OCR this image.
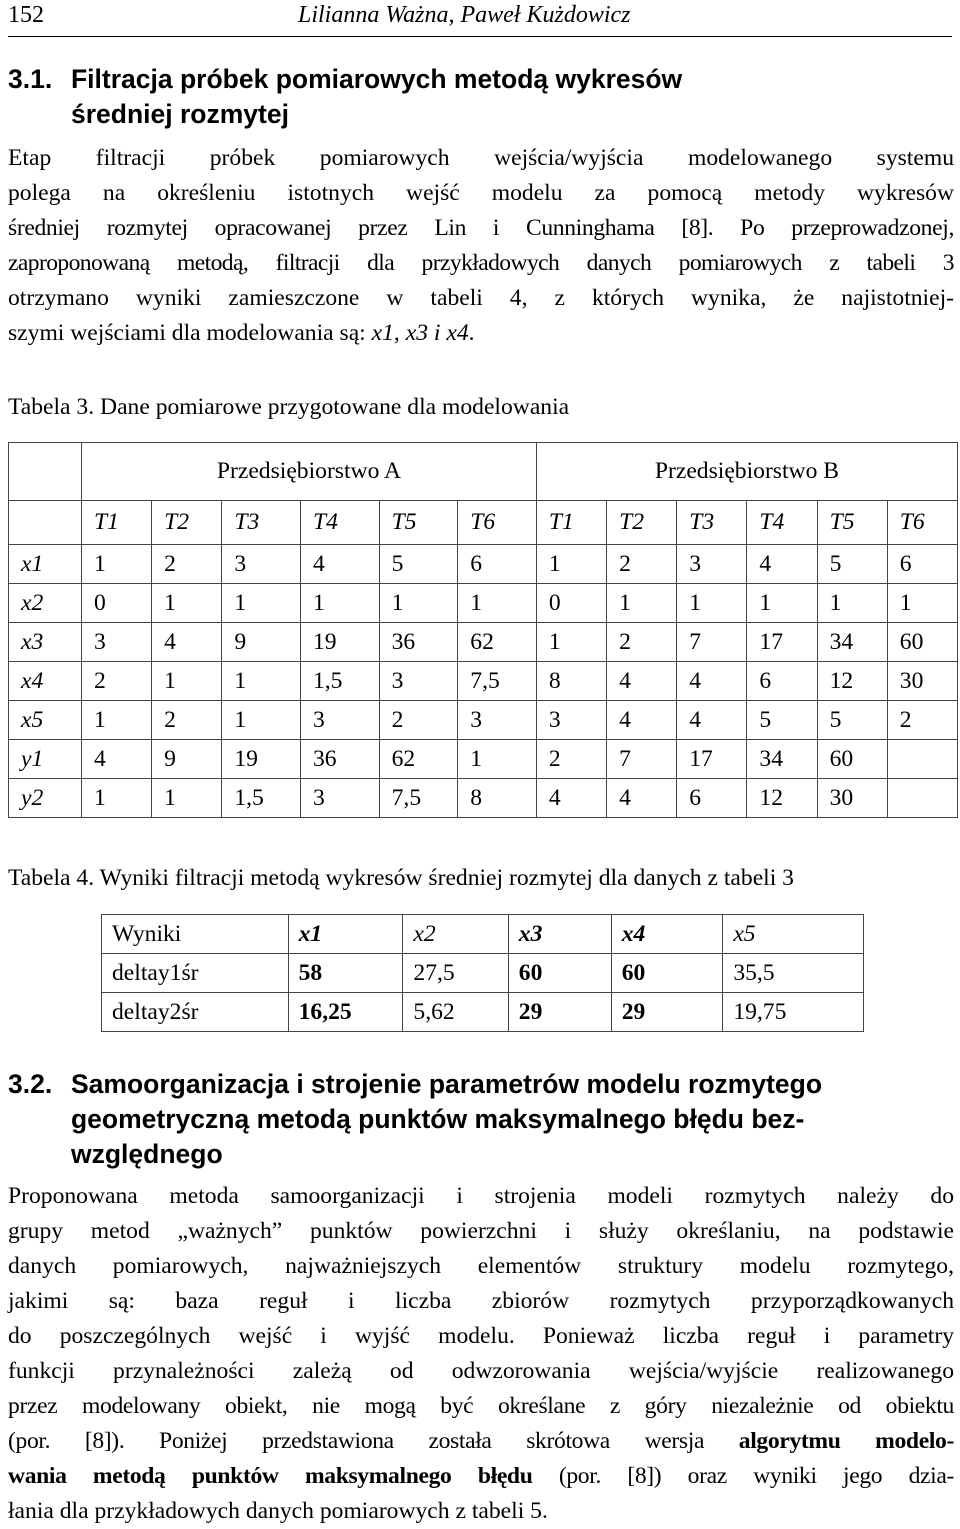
152	Lilianna Ważna, Paweł Kużdowicz
3.1. Filtracja próbek pomiarowych metodą wykresów
średniej rozmytej
Etap filtracji próbek pomiarowych wejścia/wyjścia modelowanego systemu
polega na określeniu istotnych wejść modelu za pomocą metody wykresów
średniej rozmytej opracowanej przez Lin i Cunninghama [8]. Po przeprowadzonej,
zaproponowaną metodą, filtracji dla przykładowych danych pomiarowych z tabeli 3
otrzymano wyniki zamieszczone w tabeli 4, z których wynika, że najistotniej-
szymi wejściami dla modelowania są: x1, x3 i x4.
Tabela 3. Dane pomiarowe przygotowane dla modelowania
	Przedsiębiorstwo A						Przedsiębiorstwo B					
	T1	T2	T3	T4	T5	T6	T1	T2	T3	T4	T5	T6
x1	1	2	3	4	5	6	1	2	3	4	5	6
x2	0	1	1	1	1	1	0	1	1	1	1	1
x3	3	4	9	19	36	62	1	2	7	17	34	60
x4	2	1	1	1,5	3	7,5	8	4	4	6	12	30
x5	1	2	1	3	2	3	3	4	4	5	5	2
y1	4	9	19	36	62	1	2	7	17	34	60	
y2	1	1	1,5	3	7,5	8	4	4	6	12	30	
Tabela 4. Wyniki filtracji metodą wykresów średniej rozmytej dla danych z tabeli 3
Wyniki	x1	x2	x3	x4	x5
deltay1śr	58	27,5	60	60	35,5
deltay2śr	16,25	5,62	29	29	19,75
3.2. Samoorganizacja i strojenie parametrów modelu rozmytego
geometryczną metodą punktów maksymalnego błędu bez-
względnego
Proponowana metoda samoorganizacji i strojenia modeli rozmytych należy do
grupy metod „ważnych” punktów powierzchni i służy określaniu, na podstawie
danych pomiarowych, najważniejszych elementów struktury modelu rozmytego,
jakimi są: baza reguł i liczba zbiorów rozmytych przyporządkowanych
do poszczególnych wejść i wyjść modelu. Ponieważ liczba reguł i parametry
funkcji przynależności zależą od odwzorowania wejścia/wyjście realizowanego
przez modelowany obiekt, nie mogą być określane z góry niezależnie od obiektu
(por. [8]). Poniżej przedstawiona została skrótowa wersja algorytmu modelo-
wania metodą punktów maksymalnego błędu (por. [8]) oraz wyniki jego dzia-
łania dla przykładowych danych pomiarowych z tabeli 5.
